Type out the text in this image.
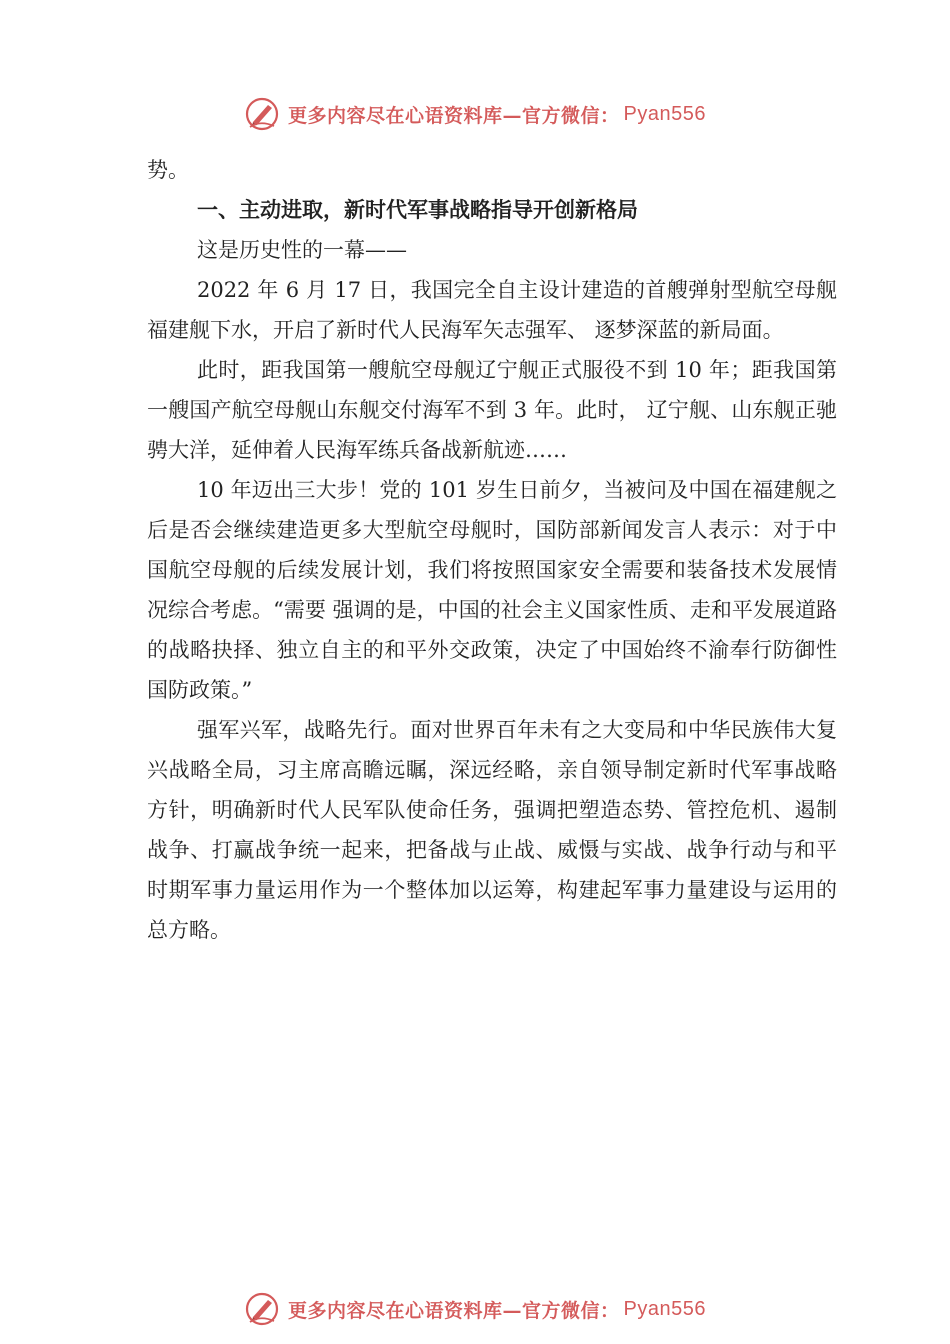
更多内容尽在心语资料库—官方微信： Pyan556

势。

一、主动进取，新时代军事战略指导开创新格局

这是历史性的一幕——

2022 年 6 月 17 日，我国完全自主设计建造的首艘弹射型航空母舰福建舰下水，开启了新时代人民海军矢志强军、 逐梦深蓝的新局面。

此时，距我国第一艘航空母舰辽宁舰正式服役不到 10 年；距我国第一艘国产航空母舰山东舰交付海军不到 3 年。此时， 辽宁舰、山东舰正驰骋大洋，延伸着人民海军练兵备战新航迹……

10 年迈出三大步！党的 101 岁生日前夕，当被问及中国在福建舰之后是否会继续建造更多大型航空母舰时，国防部新闻发言人表示：对于中国航空母舰的后续发展计划，我们将按照国家安全需要和装备技术发展情况综合考虑。“需要 强调的是，中国的社会主义国家性质、走和平发展道路的战略抉择、独立自主的和平外交政策，决定了中国始终不渝奉行防御性国防政策。”

强军兴军，战略先行。面对世界百年未有之大变局和中华民族伟大复兴战略全局，习主席高瞻远瞩，深远经略，亲自领导制定新时代军事战略方针，明确新时代人民军队使命任务，强调把塑造态势、管控危机、遏制战争、打赢战争统一起来，把备战与止战、威慑与实战、战争行动与和平时期军事力量运用作为一个整体加以运筹，构建起军事力量建设与运用的总方略。

更多内容尽在心语资料库—官方微信： Pyan556
